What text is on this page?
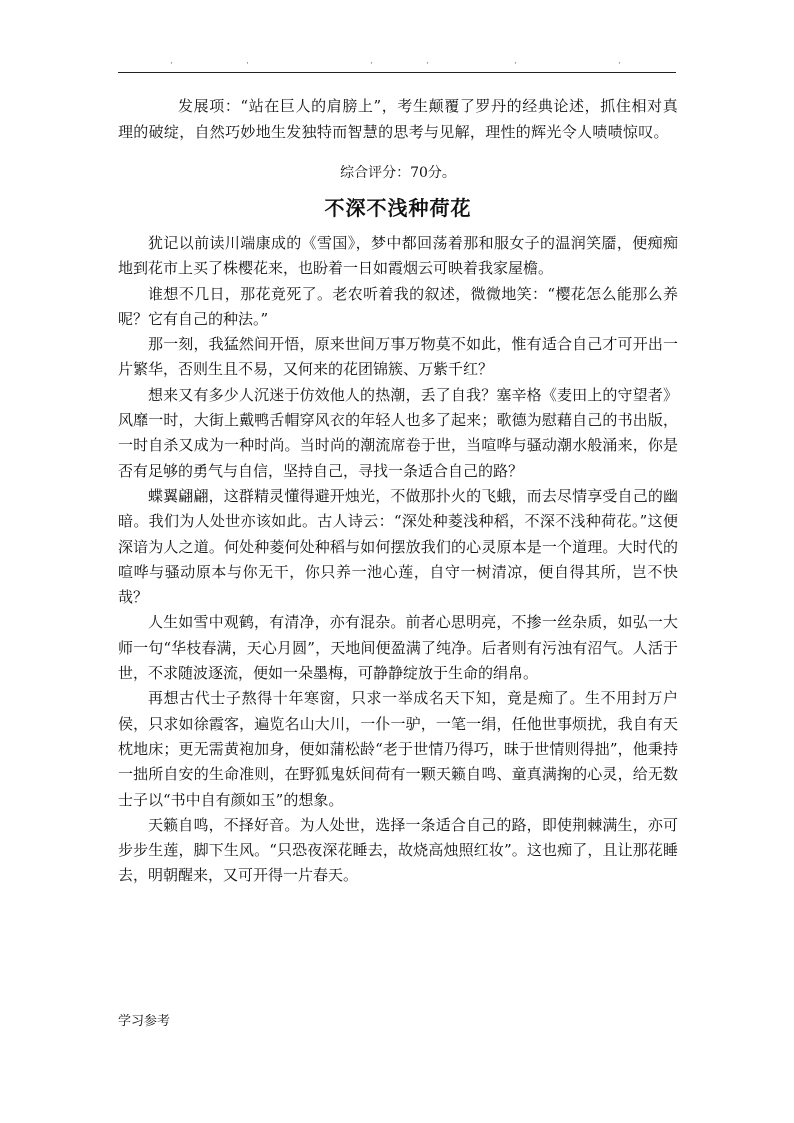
·	·	·	·	·	·

发展项：“站在巨人的肩膀上”，考生颠覆了罗丹的经典论述，抓住相对真理的破绽，自然巧妙地生发独特而智慧的思考与见解，理性的辉光令人啧啧惊叹。

综合评分：70分。

不深不浅种荷花

犹记以前读川端康成的《雪国》，梦中都回荡着那和服女子的温润笑靥，便痴痴地到花市上买了株樱花来，也盼着一日如霞烟云可映着我家屋檐。

谁想不几日，那花竟死了。老农听着我的叙述，微微地笑：“樱花怎么能那么养呢？它有自己的种法。”

那一刻，我猛然间开悟，原来世间万事万物莫不如此，惟有适合自己才可开出一片繁华，否则生且不易，又何来的花团锦簇、万紫千红？

想来又有多少人沉迷于仿效他人的热潮，丢了自我？塞辛格《麦田上的守望者》风靡一时，大街上戴鸭舌帽穿风衣的年轻人也多了起来；歌德为慰藉自己的书出版，一时自杀又成为一种时尚。当时尚的潮流席卷于世，当喧哗与骚动潮水般涌来，你是否有足够的勇气与自信，坚持自己，寻找一条适合自己的路？

蝶翼翩翩，这群精灵懂得避开烛光，不做那扑火的飞蛾，而去尽情享受自己的幽暗。我们为人处世亦该如此。古人诗云：“深处种菱浅种稻，不深不浅种荷花。”这便深谙为人之道。何处种菱何处种稻与如何摆放我们的心灵原本是一个道理。大时代的喧哗与骚动原本与你无干，你只养一池心莲，自守一树清凉，便自得其所，岂不快哉？

人生如雪中观鹤，有清净，亦有混杂。前者心思明亮，不掺一丝杂质，如弘一大师一句“华枝春满，天心月圆”，天地间便盈满了纯净。后者则有污浊有沼气。人活于世，不求随波逐流，便如一朵墨梅，可静静绽放于生命的绢帛。

再想古代士子熬得十年寒窗，只求一举成名天下知，竟是痴了。生不用封万户侯，只求如徐霞客，遍览名山大川，一仆一驴，一笔一绢，任他世事烦扰，我自有天枕地床；更无需黄袍加身，便如蒲松龄“老于世情乃得巧，昧于世情则得拙”，他秉持一拙所自安的生命准则，在野狐鬼妖间荷有一颗天籁自鸣、童真满掬的心灵，给无数士子以“书中自有颜如玉”的想象。

天籁自鸣，不择好音。为人处世，选择一条适合自己的路，即使荆棘满生，亦可步步生莲，脚下生风。“只恐夜深花睡去，故烧高烛照红妆”。这也痴了，且让那花睡去，明朝醒来，又可开得一片春天。

学习参考
